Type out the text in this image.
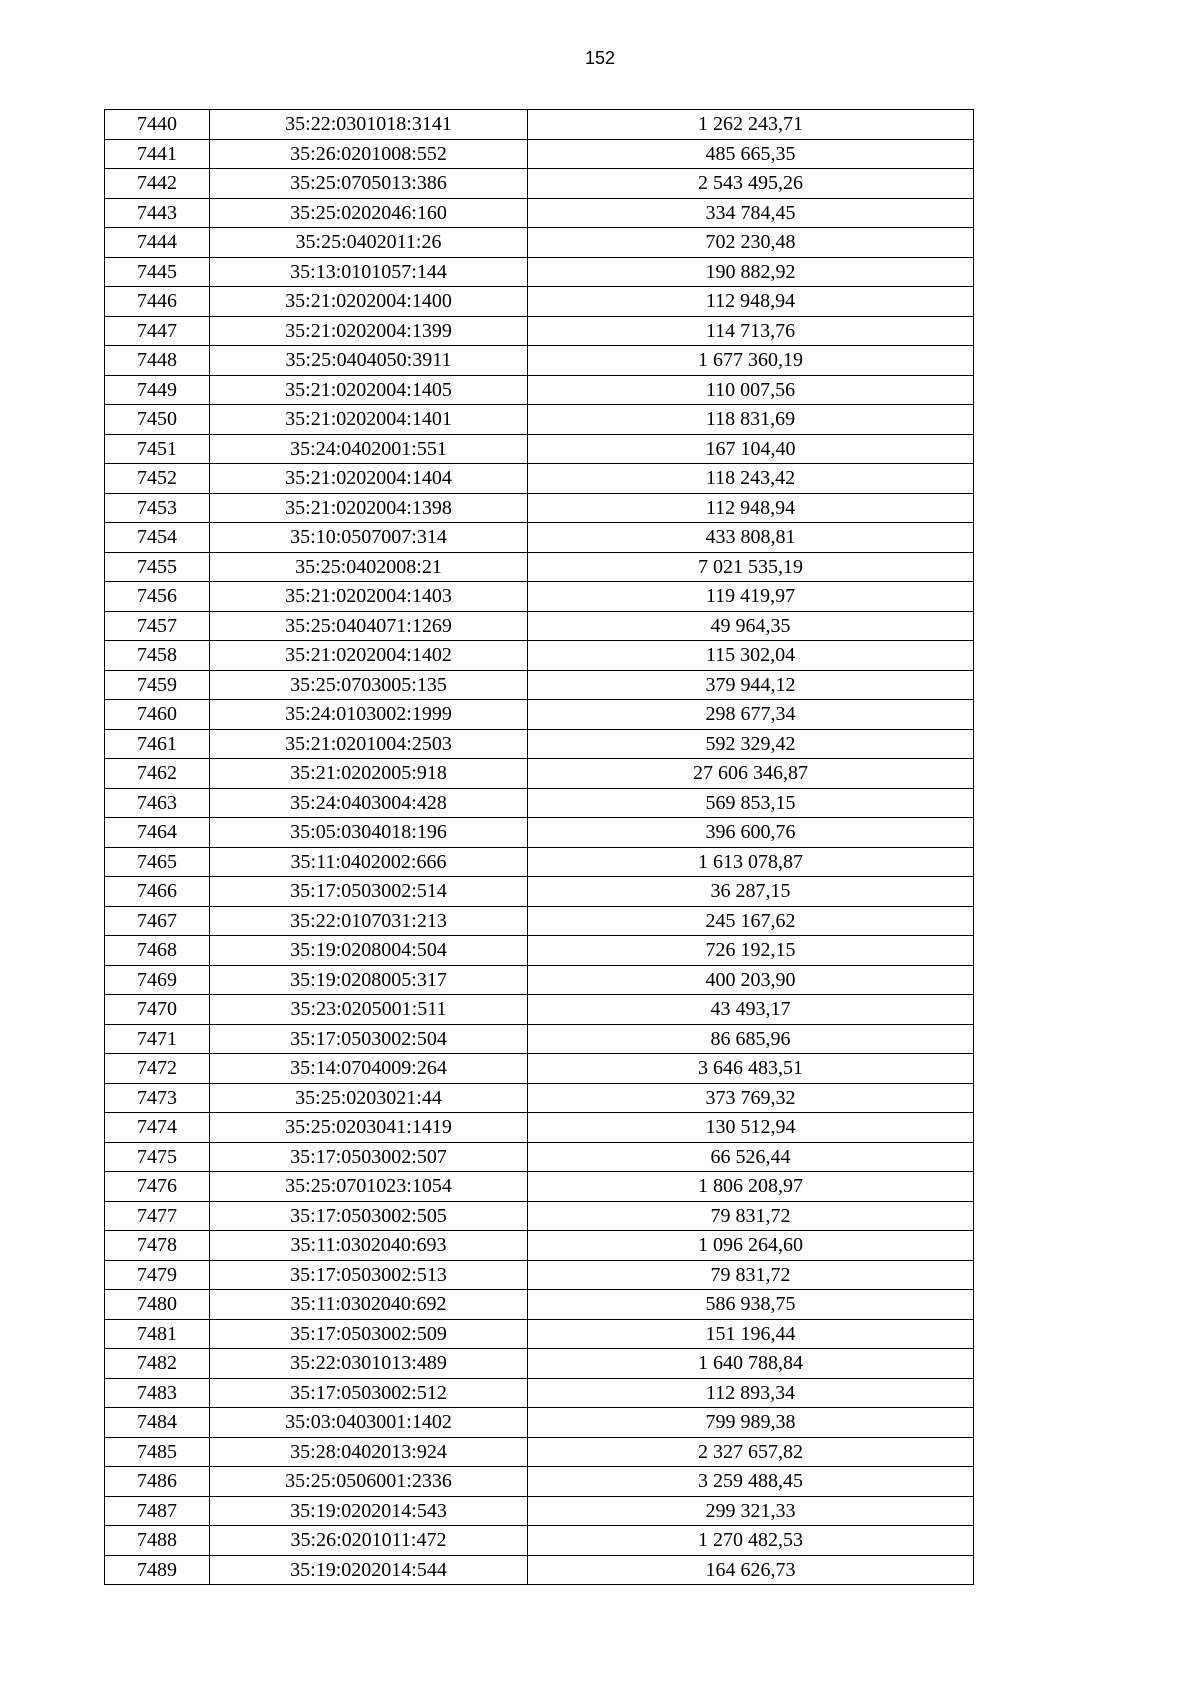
152
7440	35:22:0301018:3141	1 262 243,71
7441	35:26:0201008:552	485 665,35
7442	35:25:0705013:386	2 543 495,26
7443	35:25:0202046:160	334 784,45
7444	35:25:0402011:26	702 230,48
7445	35:13:0101057:144	190 882,92
7446	35:21:0202004:1400	112 948,94
7447	35:21:0202004:1399	114 713,76
7448	35:25:0404050:3911	1 677 360,19
7449	35:21:0202004:1405	110 007,56
7450	35:21:0202004:1401	118 831,69
7451	35:24:0402001:551	167 104,40
7452	35:21:0202004:1404	118 243,42
7453	35:21:0202004:1398	112 948,94
7454	35:10:0507007:314	433 808,81
7455	35:25:0402008:21	7 021 535,19
7456	35:21:0202004:1403	119 419,97
7457	35:25:0404071:1269	49 964,35
7458	35:21:0202004:1402	115 302,04
7459	35:25:0703005:135	379 944,12
7460	35:24:0103002:1999	298 677,34
7461	35:21:0201004:2503	592 329,42
7462	35:21:0202005:918	27 606 346,87
7463	35:24:0403004:428	569 853,15
7464	35:05:0304018:196	396 600,76
7465	35:11:0402002:666	1 613 078,87
7466	35:17:0503002:514	36 287,15
7467	35:22:0107031:213	245 167,62
7468	35:19:0208004:504	726 192,15
7469	35:19:0208005:317	400 203,90
7470	35:23:0205001:511	43 493,17
7471	35:17:0503002:504	86 685,96
7472	35:14:0704009:264	3 646 483,51
7473	35:25:0203021:44	373 769,32
7474	35:25:0203041:1419	130 512,94
7475	35:17:0503002:507	66 526,44
7476	35:25:0701023:1054	1 806 208,97
7477	35:17:0503002:505	79 831,72
7478	35:11:0302040:693	1 096 264,60
7479	35:17:0503002:513	79 831,72
7480	35:11:0302040:692	586 938,75
7481	35:17:0503002:509	151 196,44
7482	35:22:0301013:489	1 640 788,84
7483	35:17:0503002:512	112 893,34
7484	35:03:0403001:1402	799 989,38
7485	35:28:0402013:924	2 327 657,82
7486	35:25:0506001:2336	3 259 488,45
7487	35:19:0202014:543	299 321,33
7488	35:26:0201011:472	1 270 482,53
7489	35:19:0202014:544	164 626,73
